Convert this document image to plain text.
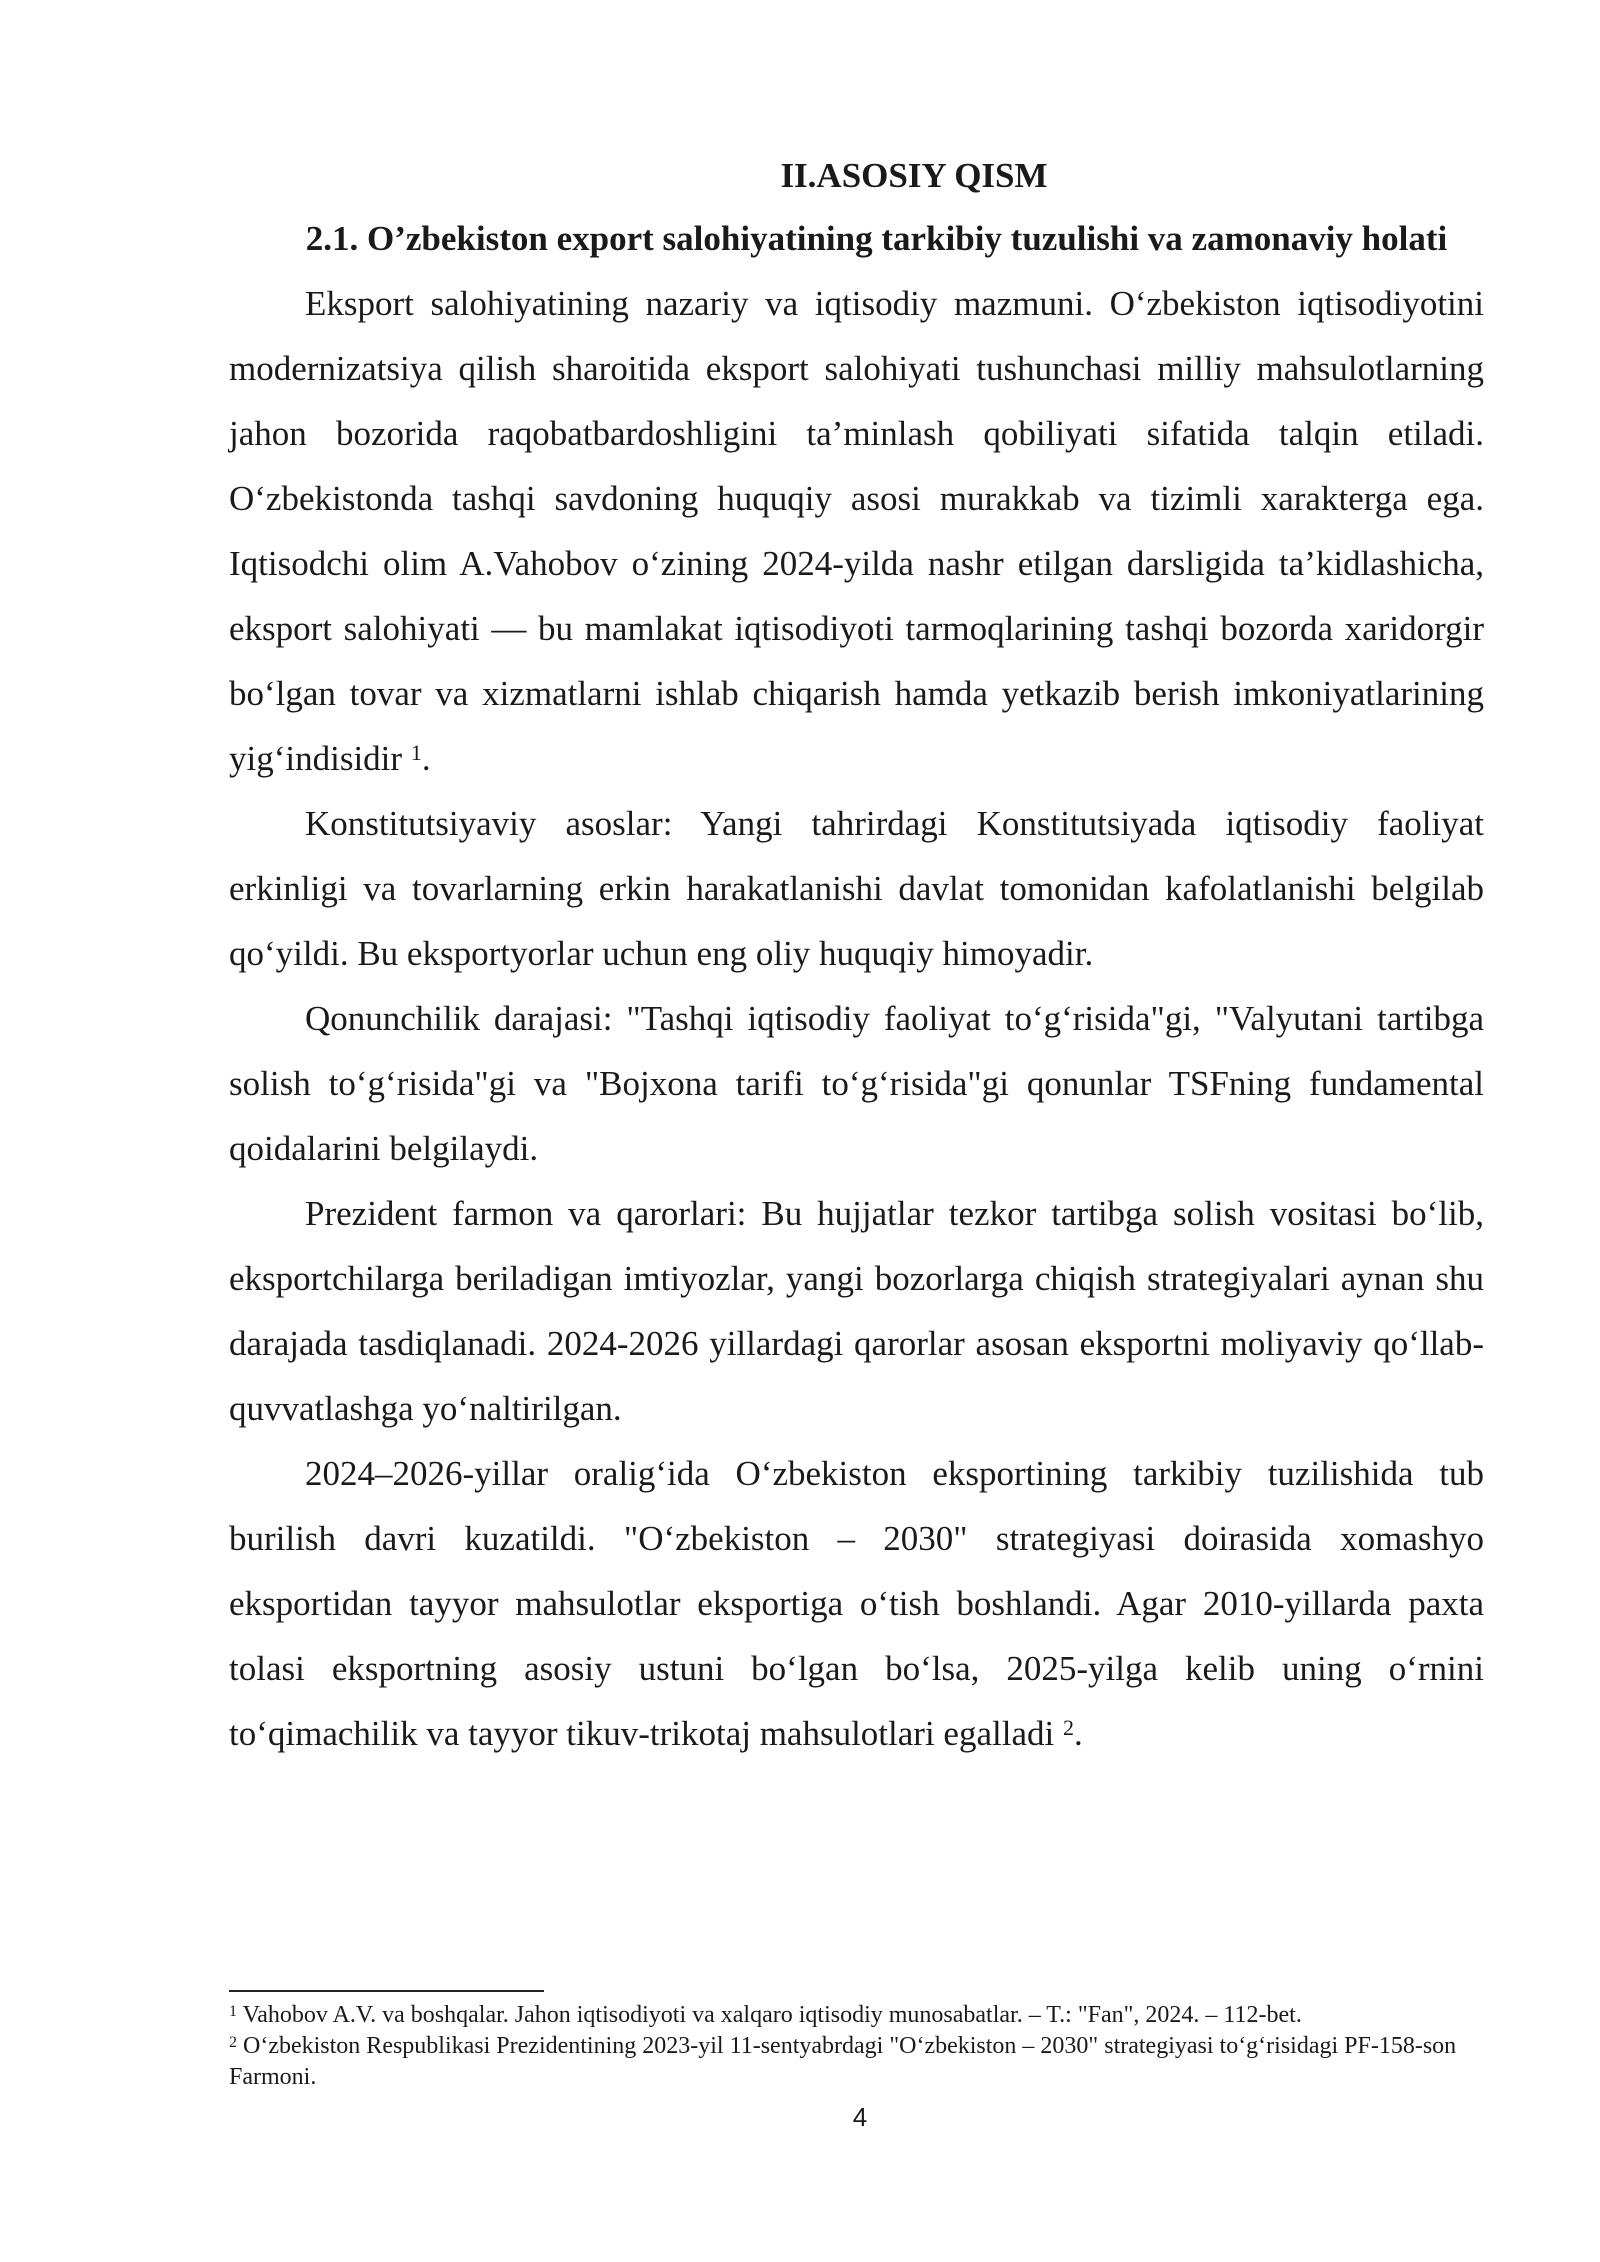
II.ASOSIY QISM
2.1. O’zbekiston export salohiyatining tarkibiy tuzulishi va zamonaviy holati

Eksport salohiyatining nazariy va iqtisodiy mazmuni. O‘zbekiston iqtisodiyotini modernizatsiya qilish sharoitida eksport salohiyati tushunchasi milliy mahsulotlarning jahon bozorida raqobatbardoshligini ta’minlash qobiliyati sifatida talqin etiladi. O‘zbekistonda tashqi savdoning huquqiy asosi murakkab va tizimli xarakterga ega. Iqtisodchi olim A.Vahobov o‘zining 2024-yilda nashr etilgan darsligida ta’kidlashicha, eksport salohiyati — bu mamlakat iqtisodiyoti tarmoqlarining tashqi bozorda xaridorgir bo‘lgan tovar va xizmatlarni ishlab chiqarish hamda yetkazib berish imkoniyatlarining yig‘indisidir $^1$.

Konstitutsiyaviy asoslar: Yangi tahrirdagi Konstitutsiyada iqtisodiy faoliyat erkinligi va tovarlarning erkin harakatlanishi davlat tomonidan kafolatlanishi belgilab qo‘yildi. Bu eksportyorlar uchun eng oliy huquqiy himoyadir.

Qonunchilik darajasi: "Tashqi iqtisodiy faoliyat to‘g‘risida"gi, "Valyutani tartibga solish to‘g‘risida"gi va "Bojxona tarifi to‘g‘risida"gi qonunlar TSFning fundamental qoidalarini belgilaydi.

Prezident farmon va qarorlari: Bu hujjatlar tezkor tartibga solish vositasi bo‘lib, eksportchilarga beriladigan imtiyozlar, yangi bozorlarga chiqish strategiyalari aynan shu darajada tasdiqlanadi. 2024-2026 yillardagi qarorlar asosan eksportni moliyaviy qo‘llab-quvvatlashga yo‘naltirilgan.

2024–2026-yillar oralig‘ida O‘zbekiston eksportining tarkibiy tuzilishida tub burilish davri kuzatildi. "O‘zbekiston – 2030" strategiyasi doirasida xomashyo eksportidan tayyor mahsulotlar eksportiga o‘tish boshlandi. Agar 2010-yillarda paxta tolasi eksportning asosiy ustuni bo‘lgan bo‘lsa, 2025-yilga kelib uning o‘rnini to‘qimachilik va tayyor tikuv-trikotaj mahsulotlari egalladi $^2$.

$^1$ Vahobov A.V. va boshqalar. Jahon iqtisodiyoti va xalqaro iqtisodiy munosabatlar. – T.: "Fan", 2024. – 112-bet.

$^2$ O‘zbekiston Respublikasi Prezidentining 2023-yil 11-sentyabrdagi "O‘zbekiston – 2030" strategiyasi to‘g‘risidagi PF-158-son Farmoni.

4
